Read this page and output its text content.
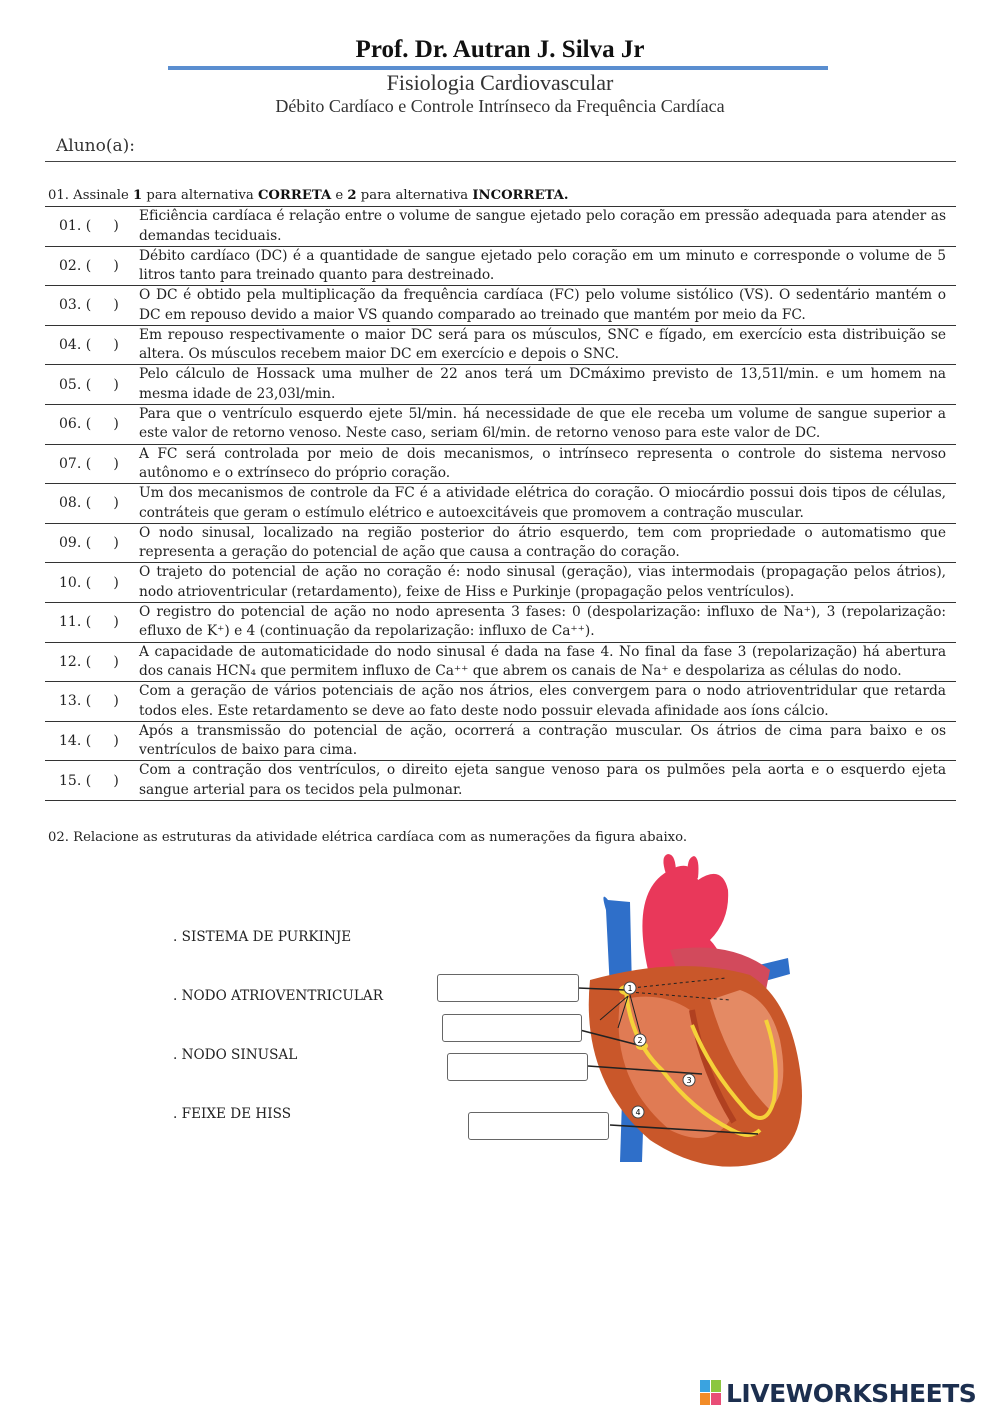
Prof. Dr. Autran J. Silva Jr
Fisiologia Cardiovascular
Débito Cardíaco e Controle Intrínseco da Frequência Cardíaca
Aluno(a):
01. Assinale 1 para alternativa CORRETA e 2 para alternativa INCORRETA.
01. (     )
Eficiência cardíaca é relação entre o volume de sangue ejetado pelo coração em pressão adequada para atender as demandas teciduais.
02. (     )
Débito cardíaco (DC) é a quantidade de sangue ejetado pelo coração em um minuto e corresponde o volume de 5 litros tanto para treinado quanto para destreinado.
03. (     )
O DC é obtido pela multiplicação da frequência cardíaca (FC) pelo volume sistólico (VS). O sedentário mantém o DC em repouso devido a maior VS quando comparado ao treinado que mantém por meio da FC.
04. (     )
Em repouso respectivamente o maior DC será para os músculos, SNC e fígado, em exercício esta distribuição se altera. Os músculos recebem maior DC em exercício e depois o SNC.
05. (     )
Pelo cálculo de Hossack uma mulher de 22 anos terá um DCmáximo previsto de 13,51l/min. e um homem na mesma idade de 23,03l/min.
06. (     )
Para que o ventrículo esquerdo ejete 5l/min. há necessidade de que ele receba um volume de sangue superior a este valor de retorno venoso. Neste caso, seriam 6l/min. de retorno venoso para este valor de DC.
07. (     )
A FC será controlada por meio de dois mecanismos, o intrínseco representa o controle do sistema nervoso autônomo e o extrínseco do próprio coração.
08. (     )
Um dos mecanismos de controle da FC é a atividade elétrica do coração. O miocárdio possui dois tipos de células, contráteis que geram o estímulo elétrico e autoexcitáveis que promovem a contração muscular.
09. (     )
O nodo sinusal, localizado na região posterior do átrio esquerdo, tem com propriedade o automatismo que representa a geração do potencial de ação que causa a contração do coração.
10. (     )
O trajeto do potencial de ação no coração é: nodo sinusal (geração), vias intermodais (propagação pelos átrios), nodo atrioventricular (retardamento), feixe de Hiss e Purkinje (propagação pelos ventrículos).
11. (     )
O registro do potencial de ação no nodo apresenta 3 fases: 0 (despolarização: influxo de Na⁺), 3 (repolarização: efluxo de K⁺) e 4 (continuação da repolarização: influxo de Ca⁺⁺).
12. (     )
A capacidade de automaticidade do nodo sinusal é dada na fase 4. No final da fase 3 (repolarização) há abertura dos canais HCN₄ que permitem influxo de Ca⁺⁺ que abrem os canais de Na⁺ e despolariza as células do nodo.
13. (     )
Com a geração de vários potenciais de ação nos átrios, eles convergem para o nodo atrioventridular que retarda todos eles. Este retardamento se deve ao fato deste nodo possuir elevada afinidade aos íons cálcio.
14. (     )
Após a transmissão do potencial de ação, ocorrerá a contração muscular. Os átrios de cima para baixo e os ventrículos de baixo para cima.
15. (     )
Com a contração dos ventrículos, o direito ejeta sangue venoso para os pulmões pela aorta e o esquerdo ejeta sangue arterial para os tecidos pela pulmonar.
02. Relacione as estruturas da atividade elétrica cardíaca com as numerações da figura abaixo.
. SISTEMA DE PURKINJE
. NODO ATRIOVENTRICULAR
. NODO SINUSAL
. FEIXE DE HISS
1
2
3
4
LIVEWORKSHEETS
